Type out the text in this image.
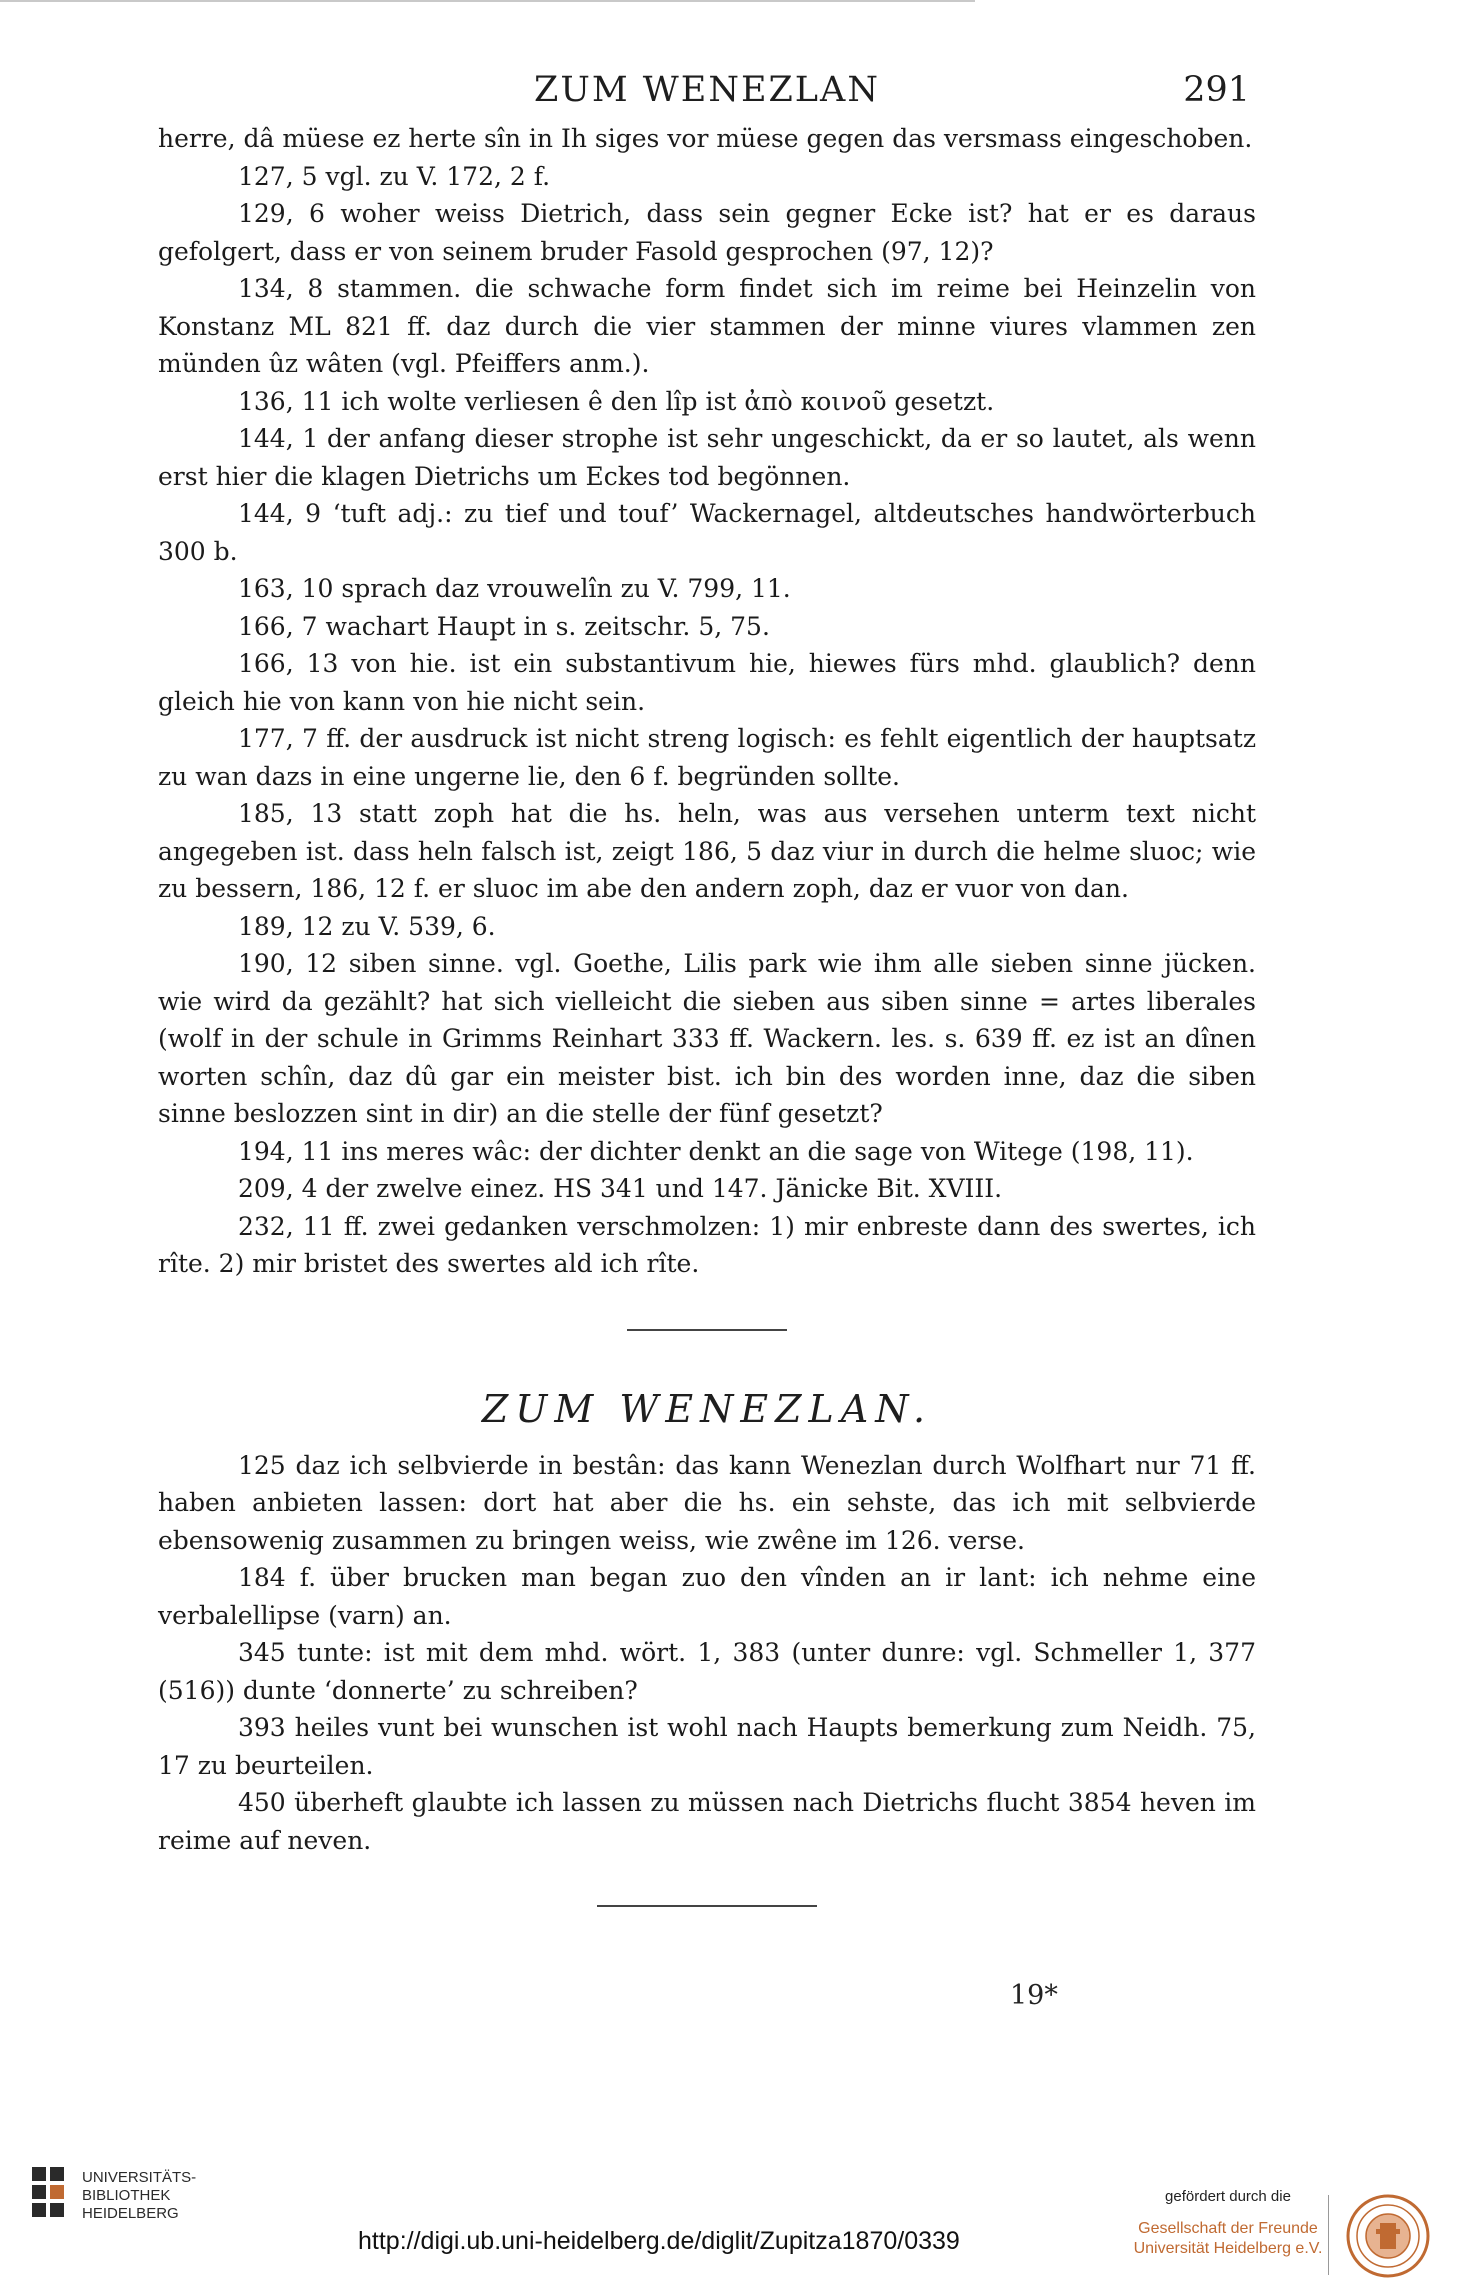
ZUM WENEZLAN	291

herre, dâ müese ez herte sîn in Ih siges vor müese gegen das versmass eingeschoben.

127, 5 vgl. zu V. 172, 2 f.

129, 6 woher weiss Dietrich, dass sein gegner Ecke ist? hat er es daraus gefolgert, dass er von seinem bruder Fasold gesprochen (97, 12)?

134, 8 stammen. die schwache form findet sich im reime bei Heinzelin von Konstanz ML 821 ff. daz durch die vier stammen der minne viures vlammen zen münden ûz wâten (vgl. Pfeiffers anm.).

136, 11 ich wolte verliesen ê den lîp ist ἀπὸ κοινοῦ gesetzt.

144, 1 der anfang dieser strophe ist sehr ungeschickt, da er so lautet, als wenn erst hier die klagen Dietrichs um Eckes tod begönnen.

144, 9 ‘tuft adj.: zu tief und touf’ Wackernagel, altdeutsches handwörterbuch 300 b.

163, 10 sprach daz vrouwelîn zu V. 799, 11.

166, 7 wachart Haupt in s. zeitschr. 5, 75.

166, 13 von hie. ist ein substantivum hie, hiewes fürs mhd. glaublich? denn gleich hie von kann von hie nicht sein.

177, 7 ff. der ausdruck ist nicht streng logisch: es fehlt eigentlich der hauptsatz zu wan dazs in eine ungerne lie, den 6 f. begründen sollte.

185, 13 statt zoph hat die hs. heln, was aus versehen unterm text nicht angegeben ist. dass heln falsch ist, zeigt 186, 5 daz viur in durch die helme sluoc; wie zu bessern, 186, 12 f. er sluoc im abe den andern zoph, daz er vuor von dan.

189, 12 zu V. 539, 6.

190, 12 siben sinne. vgl. Goethe, Lilis park wie ihm alle sieben sinne jücken. wie wird da gezählt? hat sich vielleicht die sieben aus siben sinne = artes liberales (wolf in der schule in Grimms Reinhart 333 ff. Wackern. les. s. 639 ff. ez ist an dînen worten schîn, daz dû gar ein meister bist. ich bin des worden inne, daz die siben sinne beslozzen sint in dir) an die stelle der fünf gesetzt?

194, 11 ins meres wâc: der dichter denkt an die sage von Witege (198, 11).

209, 4 der zwelve einez. HS 341 und 147. Jänicke Bit. XVIII.

232, 11 ff. zwei gedanken verschmolzen: 1) mir enbreste dann des swertes, ich rîte. 2) mir bristet des swertes ald ich rîte.

ZUM WENEZLAN.

125 daz ich selbvierde in bestân: das kann Wenezlan durch Wolfhart nur 71 ff. haben anbieten lassen: dort hat aber die hs. ein sehste, das ich mit selbvierde ebensowenig zusammen zu bringen weiss, wie zwêne im 126. verse.

184 f. über brucken man began zuo den vînden an ir lant: ich nehme eine verbalellipse (varn) an.

345 tunte: ist mit dem mhd. wört. 1, 383 (unter dunre: vgl. Schmeller 1, 377 (516)) dunte ‘donnerte’ zu schreiben?

393 heiles vunt bei wunschen ist wohl nach Haupts bemerkung zum Neidh. 75, 17 zu beurteilen.

450 überheft glaubte ich lassen zu müssen nach Dietrichs flucht 3854 heven im reime auf neven.

19*
UNIVERSITÄTS-
BIBLIOTHEK
HEIDELBERG
http://digi.ub.uni-heidelberg.de/diglit/Zupitza1870/0339
gefördert durch die
Gesellschaft der Freunde
Universität Heidelberg e.V.
